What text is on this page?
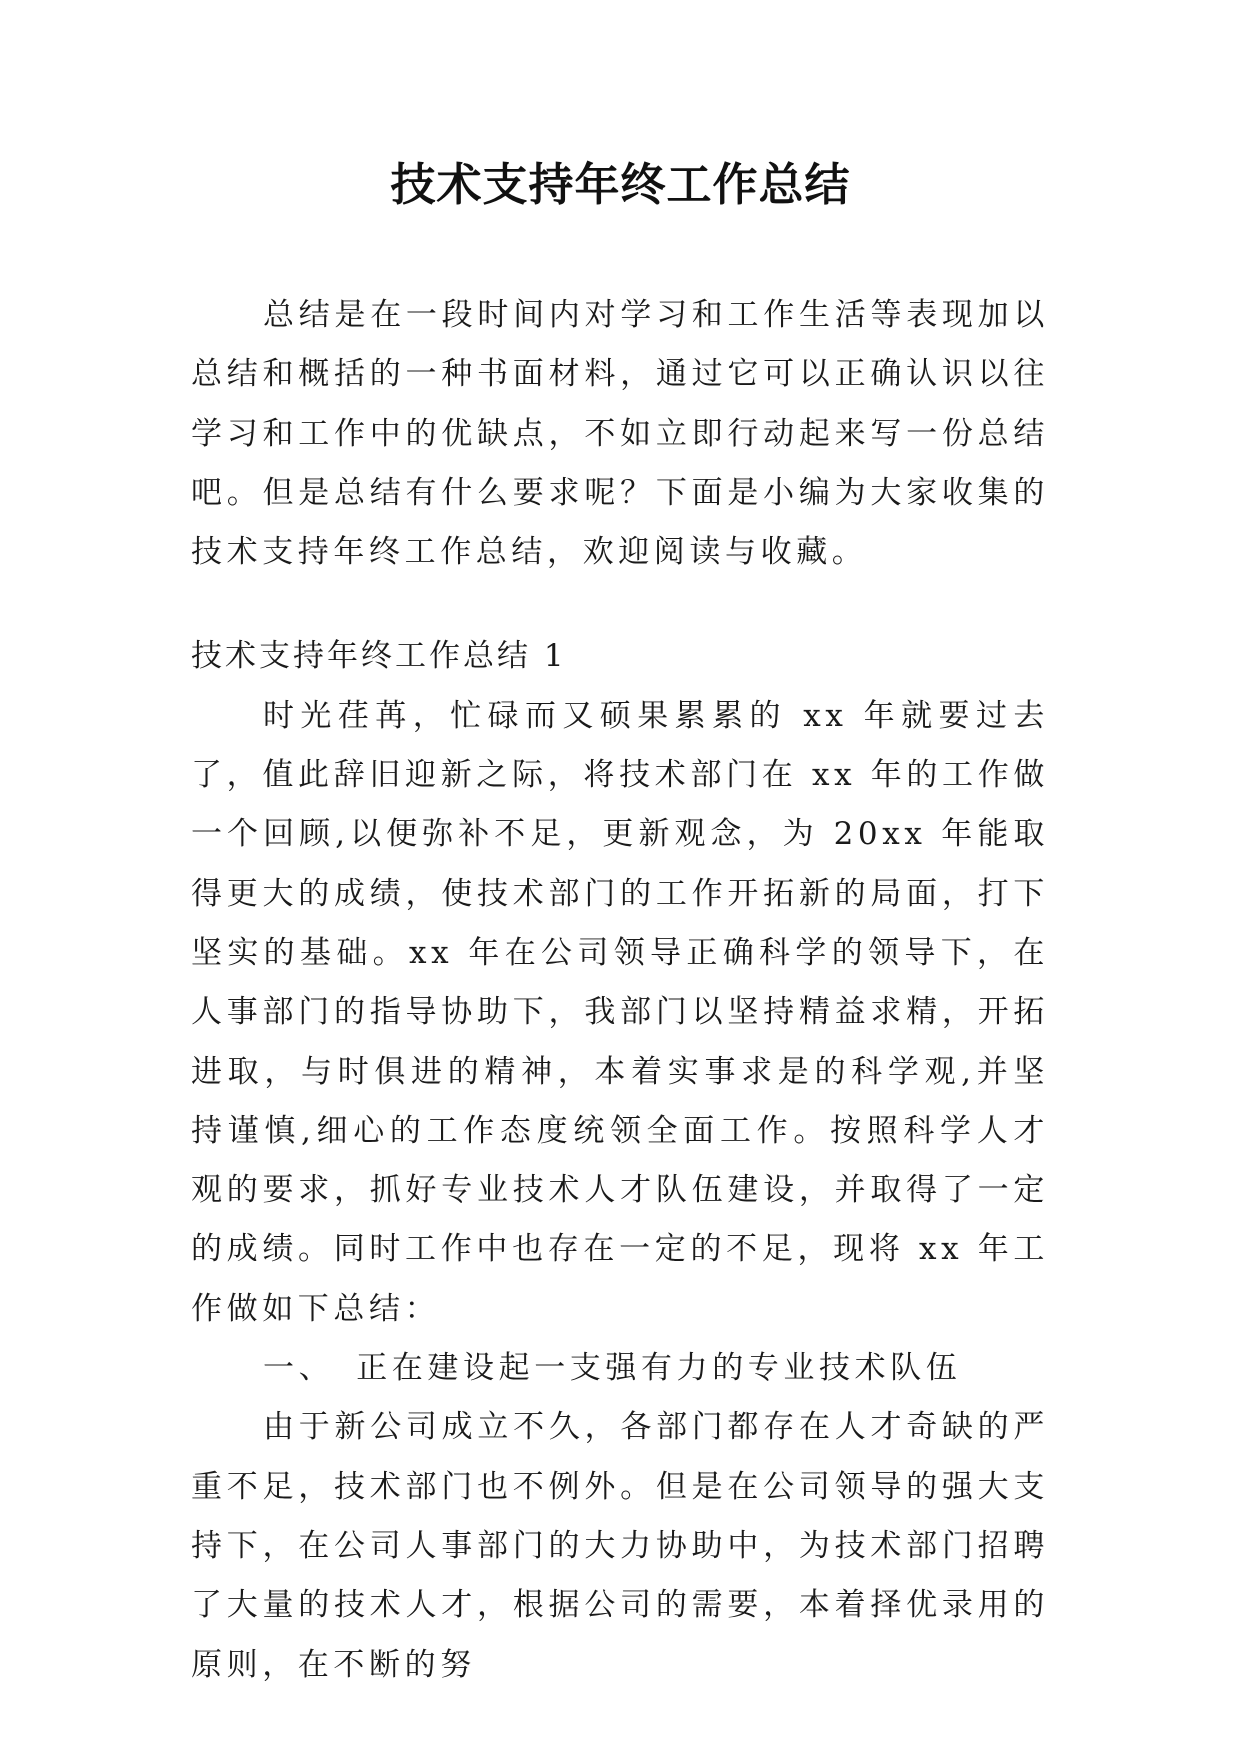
技术支持年终工作总结

总结是在一段时间内对学习和工作生活等表现加以总结和概括的一种书面材料，通过它可以正确认识以往学习和工作中的优缺点，不如立即行动起来写一份总结吧。但是总结有什么要求呢？下面是小编为大家收集的技术支持年终工作总结，欢迎阅读与收藏。

技术支持年终工作总结 1

时光荏苒，忙碌而又硕果累累的 xx 年就要过去了，值此辞旧迎新之际，将技术部门在 xx 年的工作做一个回顾,以便弥补不足，更新观念，为 20xx 年能取得更大的成绩，使技术部门的工作开拓新的局面，打下坚实的基础。xx 年在公司领导正确科学的领导下，在人事部门的指导协助下，我部门以坚持精益求精，开拓进取，与时俱进的精神，本着实事求是的科学观,并坚持谨慎,细心的工作态度统领全面工作。按照科学人才观的要求，抓好专业技术人才队伍建设，并取得了一定的成绩。同时工作中也存在一定的不足，现将 xx 年工作做如下总结：

一、 正在建设起一支强有力的专业技术队伍

由于新公司成立不久，各部门都存在人才奇缺的严重不足，技术部门也不例外。但是在公司领导的强大支持下，在公司人事部门的大力协助中，为技术部门招聘了大量的技术人才，根据公司的需要，本着择优录用的原则，在不断的努
